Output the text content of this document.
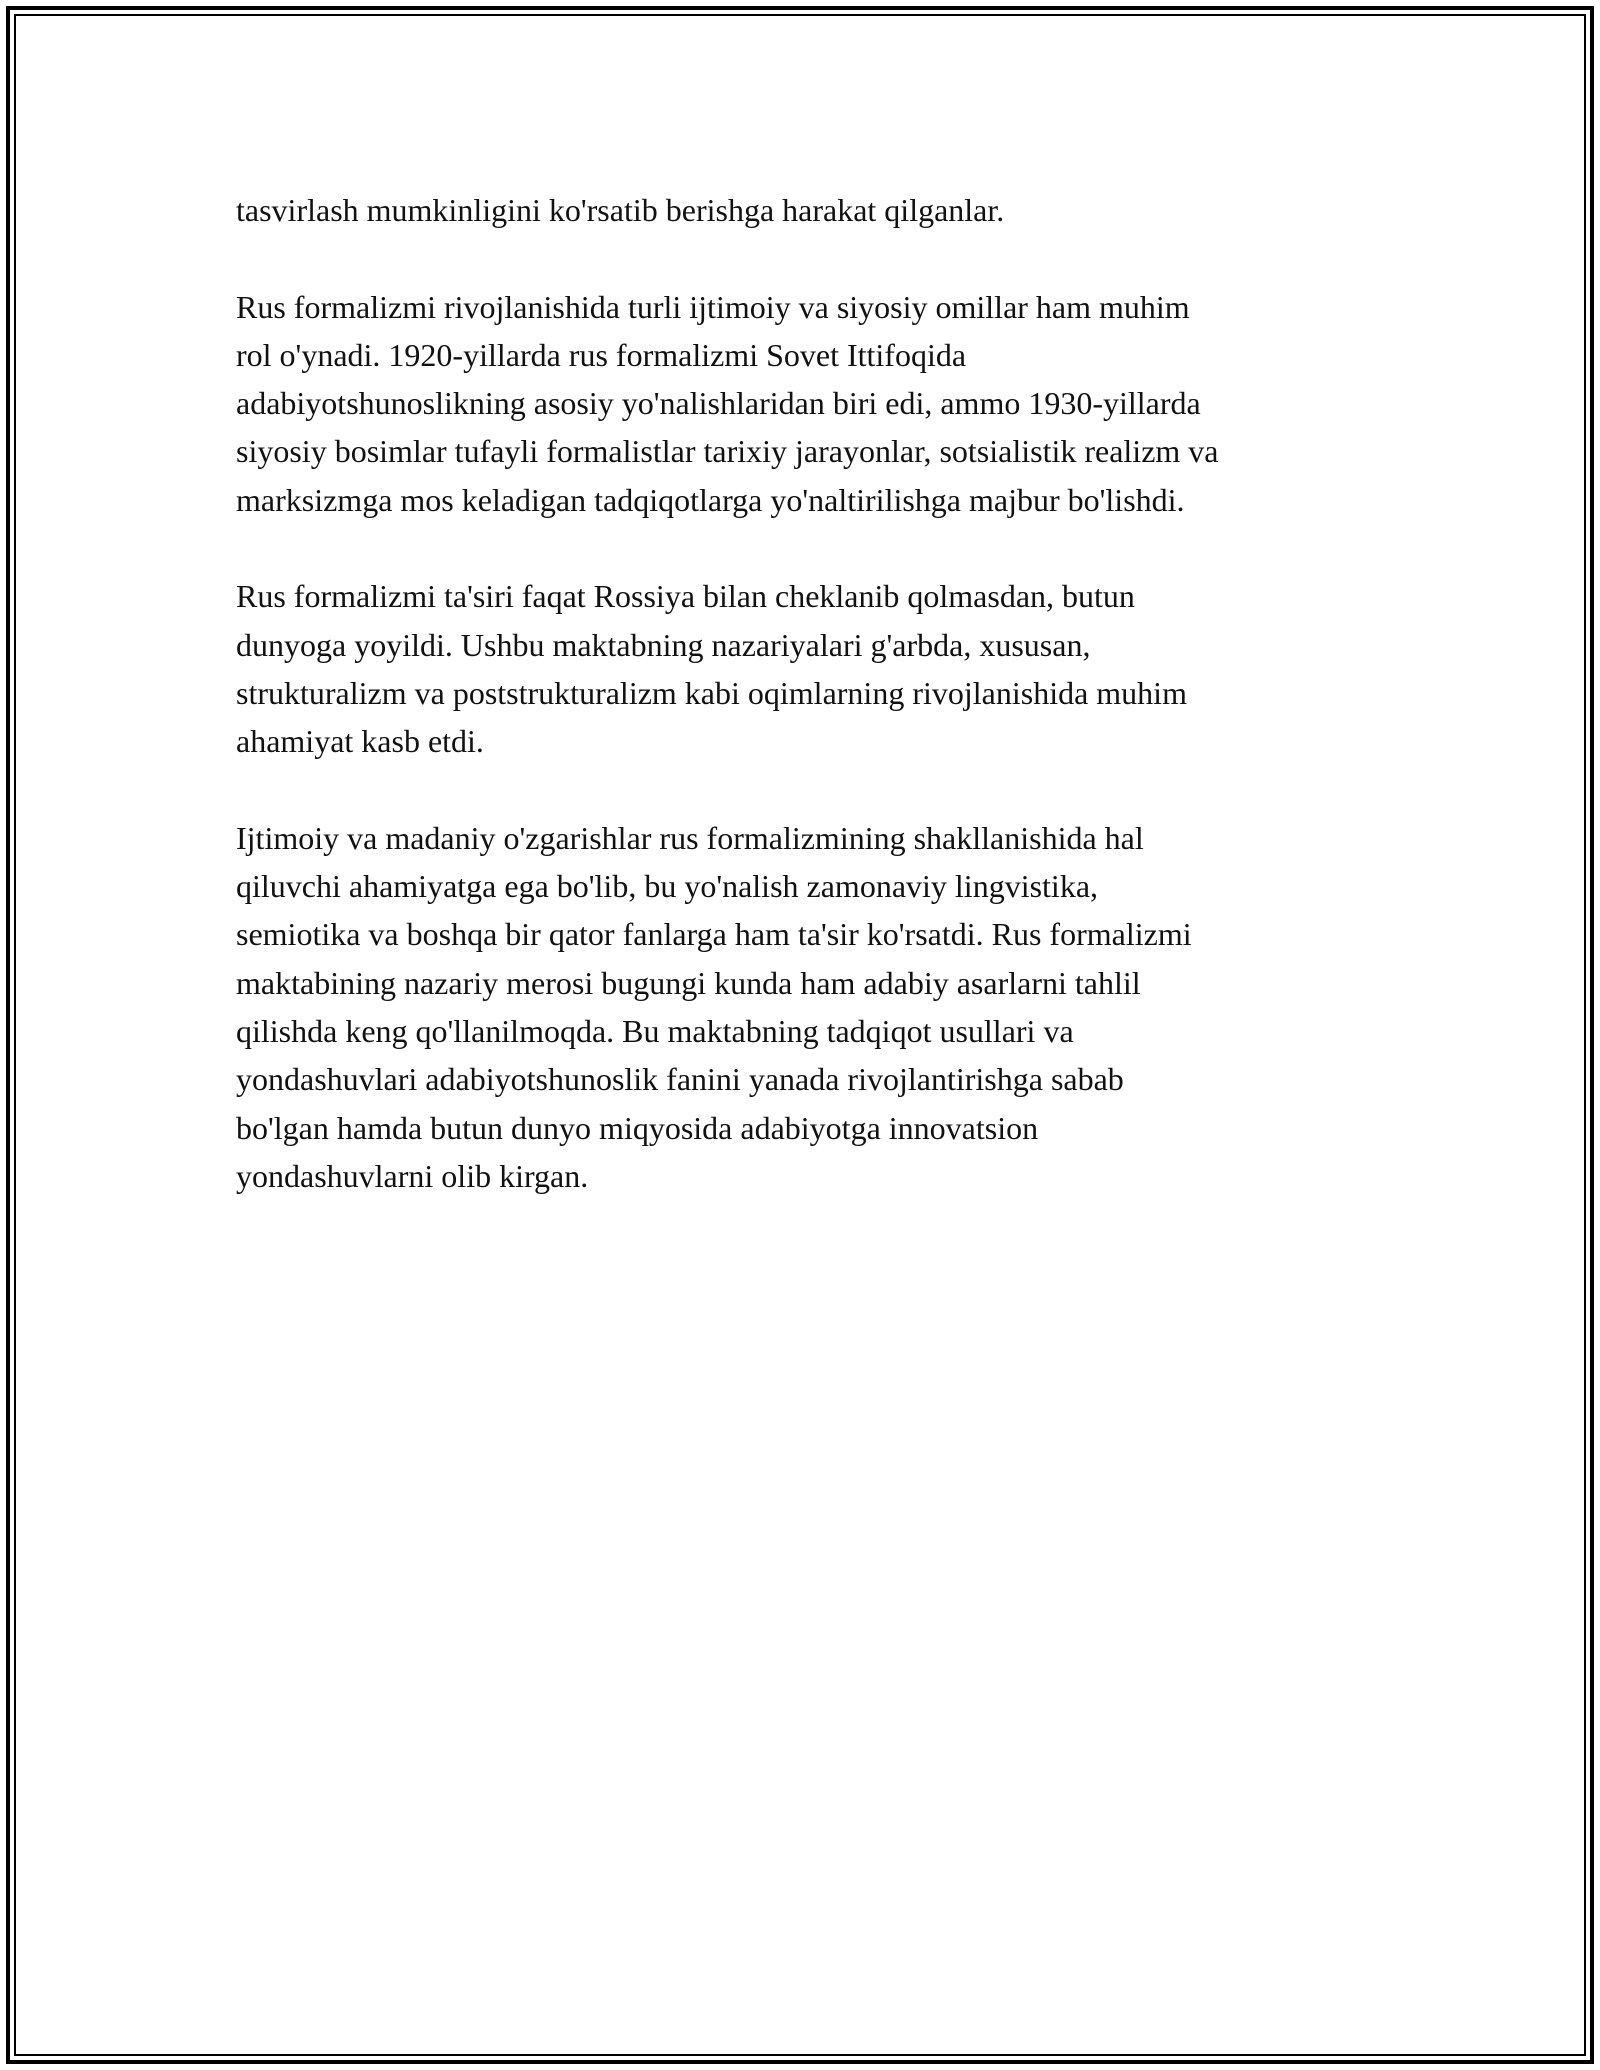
tasvirlash mumkinligini ko'rsatib berishga harakat qilganlar.

Rus formalizmi rivojlanishida turli ijtimoiy va siyosiy omillar ham muhim
rol o'ynadi. 1920-yillarda rus formalizmi Sovet Ittifoqida
adabiyotshunoslikning asosiy yo'nalishlaridan biri edi, ammo 1930-yillarda
siyosiy bosimlar tufayli formalistlar tarixiy jarayonlar, sotsialistik realizm va
marksizmga mos keladigan tadqiqotlarga yo'naltirilishga majbur bo'lishdi.

Rus formalizmi ta'siri faqat Rossiya bilan cheklanib qolmasdan, butun
dunyoga yoyildi. Ushbu maktabning nazariyalari g'arbda, xususan,
strukturalizm va poststrukturalizm kabi oqimlarning rivojlanishida muhim
ahamiyat kasb etdi.

Ijtimoiy va madaniy o'zgarishlar rus formalizmining shakllanishida hal
qiluvchi ahamiyatga ega bo'lib, bu yo'nalish zamonaviy lingvistika,
semiotika va boshqa bir qator fanlarga ham ta'sir ko'rsatdi. Rus formalizmi
maktabining nazariy merosi bugungi kunda ham adabiy asarlarni tahlil
qilishda keng qo'llanilmoqda. Bu maktabning tadqiqot usullari va
yondashuvlari adabiyotshunoslik fanini yanada rivojlantirishga sabab
bo'lgan hamda butun dunyo miqyosida adabiyotga innovatsion
yondashuvlarni olib kirgan.
